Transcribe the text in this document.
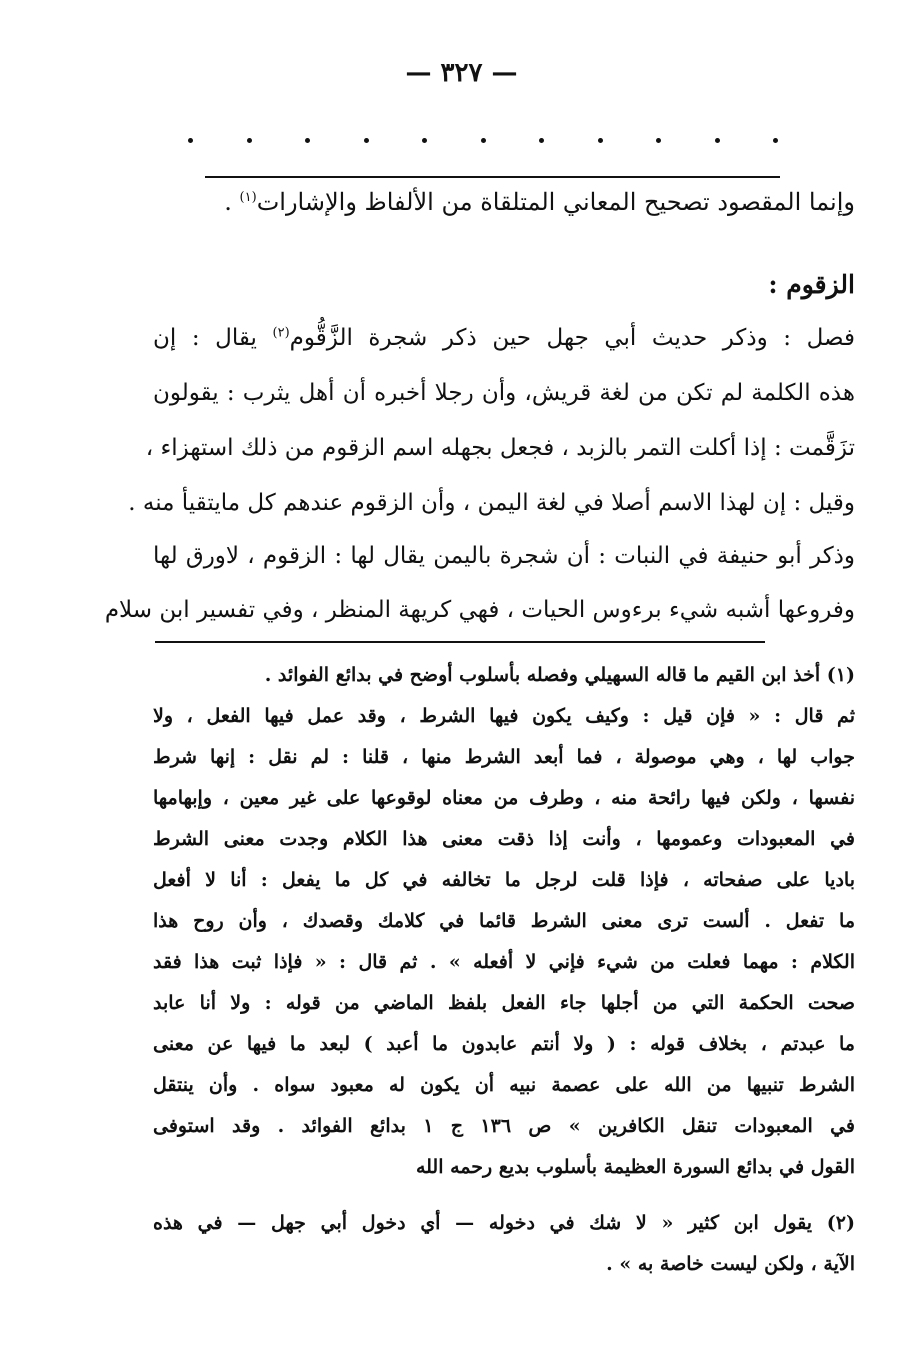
— ٣٢٧ —
وإنما المقصود تصحيح المعاني المتلقاة من الألفاظ والإشارات$^{(١)}$ .
الزقوم :
فصل : وذكر حديث أبي جهل حين ذكر شجرة الزَّقُّوم$^{(٢)}$ يقال : إن
هذه الكلمة لم تكن من لغة قريش، وأن رجلا أخبره أن أهل يثرب : يقولون
تزَقَّمت : إذا أكلت التمر بالزبد ، فجعل بجهله اسم الزقوم من ذلك استهزاء ،
وقيل : إن لهذا الاسم أصلا في لغة اليمن ، وأن الزقوم عندهم كل مايتقيأ منه .
وذكر أبو حنيفة في النبات : أن شجرة باليمن يقال لها : الزقوم ، لاورق لها
وفروعها أشبه شيء برءوس الحيات ، فهي كريهة المنظر ، وفي تفسير ابن سلام
(١) أخذ ابن القيم ما قاله السهيلي وفصله بأسلوب أوضح في بدائع الفوائد .
ثم قال : « فإن قيل : وكيف يكون فيها الشرط ، وقد عمل فيها الفعل ، ولا
جواب لها ، وهي موصولة ، فما أبعد الشرط منها ، قلنا : لم نقل : إنها شرط
نفسها ، ولكن فيها رائحة منه ، وطرف من معناه لوقوعها على غير معين ، وإبهامها
في المعبودات وعمومها ، وأنت إذا ذقت معنى هذا الكلام وجدت معنى الشرط
باديا على صفحاته ، فإذا قلت لرجل ما تخالفه في كل ما يفعل : أنا لا أفعل
ما تفعل . ألست ترى معنى الشرط قائما في كلامك وقصدك ، وأن روح هذا
الكلام : مهما فعلت من شيء فإني لا أفعله » . ثم قال : « فإذا ثبت هذا فقد
صحت الحكمة التي من أجلها جاء الفعل بلفظ الماضي من قوله : ولا أنا عابد
ما عبدتم ، بخلاف قوله : ( ولا أنتم عابدون ما أعبد ) لبعد ما فيها عن معنى
الشرط تنبيها من الله على عصمة نبيه أن يكون له معبود سواه . وأن ينتقل
في المعبودات تنقل الكافرين » ص ١٣٦ ج ١ بدائع الفوائد . وقد استوفى
القول في بدائع السورة العظيمة بأسلوب بديع رحمه الله
(٢) يقول ابن كثير « لا شك في دخوله — أي دخول أبي جهل — في هذه
الآية ، ولكن ليست خاصة به » .
